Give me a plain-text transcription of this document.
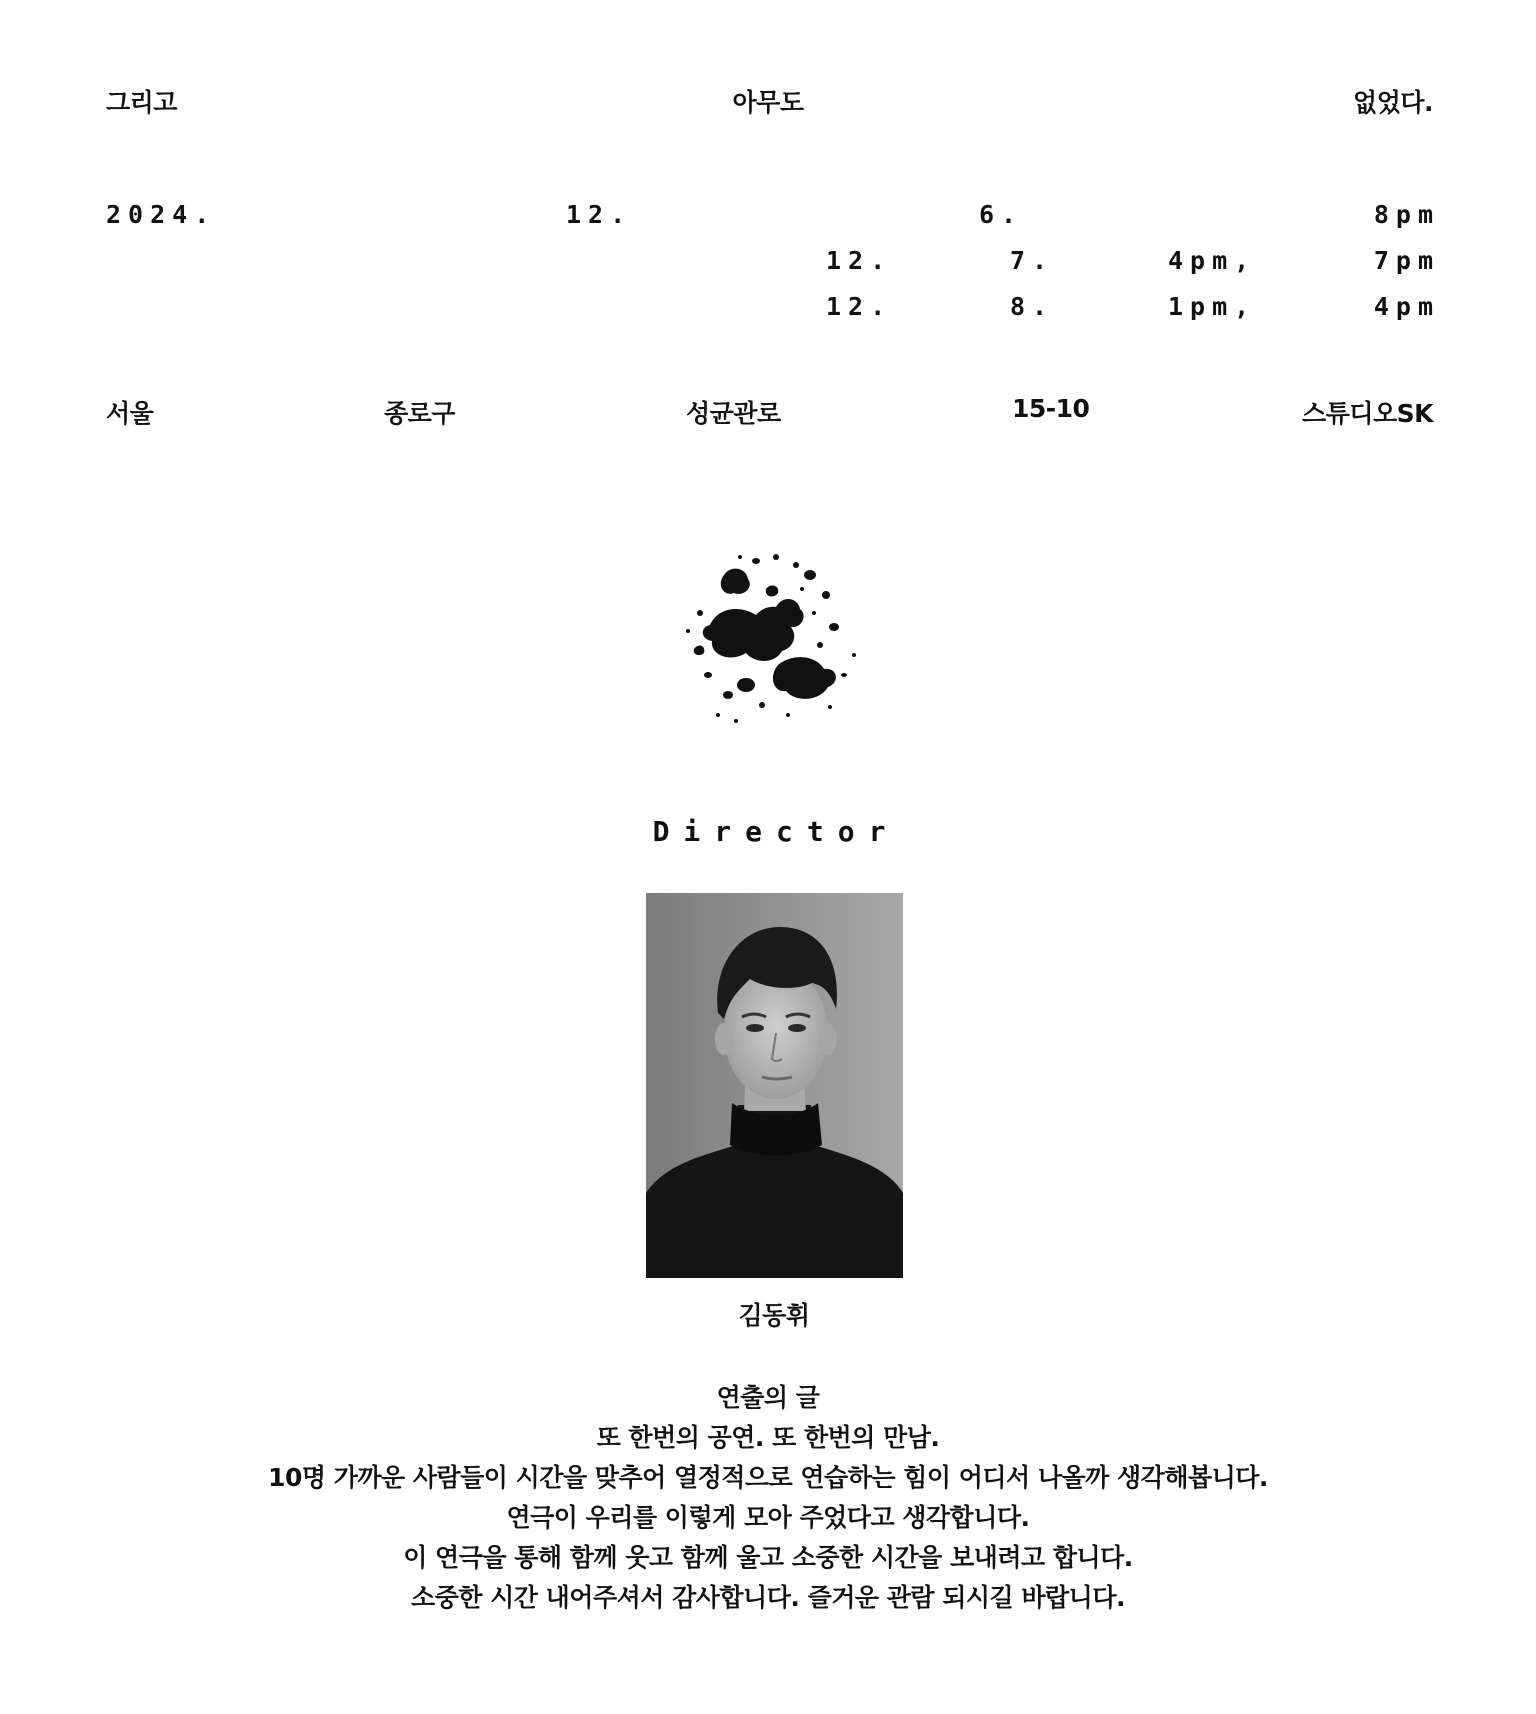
그리고	아무도	없었다.
2024.	12.	6.	8pm
12.	7.	4pm,	7pm
12.	8.	1pm,	4pm
서울	종로구	성균관로	15-10	스튜디오SK
Director
김동휘
연출의 글
또 한번의 공연. 또 한번의 만남.
10명 가까운 사람들이 시간을 맞추어 열정적으로 연습하는 힘이 어디서 나올까 생각해봅니다.
연극이 우리를 이렇게 모아 주었다고 생각합니다.
이 연극을 통해 함께 웃고 함께 울고 소중한 시간을 보내려고 합니다.
소중한 시간 내어주셔서 감사합니다. 즐거운 관람 되시길 바랍니다.
